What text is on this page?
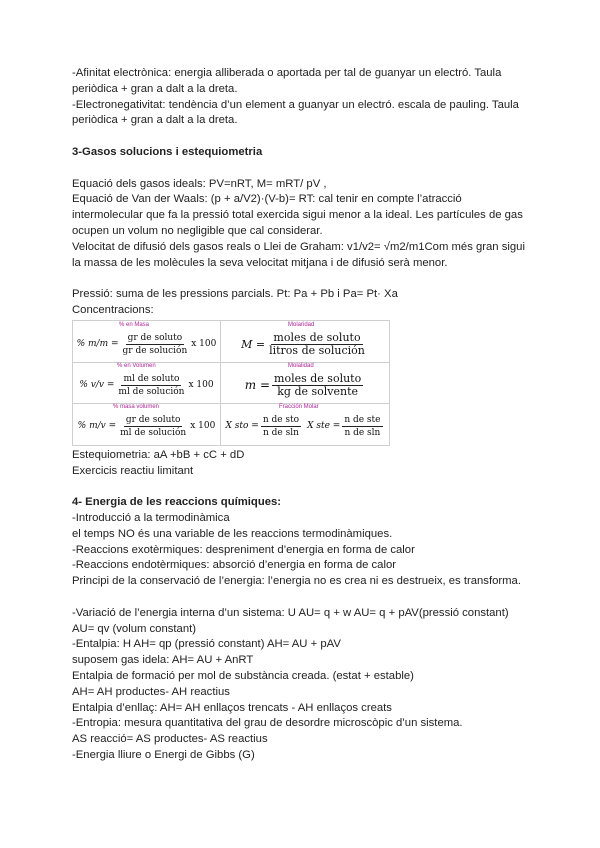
-Afinitat electrònica: energia alliberada o aportada per tal de guanyar un electró. Taula periòdica + gran a dalt a la dreta.

-Electronegativitat: tendència d’un element a guanyar un electró. escala de pauling. Taula periòdica + gran a dalt a la dreta.

3-Gasos solucions i estequiometria

Equació dels gasos ideals: PV=nRT, M= mRT/ pV ,

Equació de Van der Waals: (p + a/V2)·(V-b)= RT: cal tenir en compte l’atracció intermolecular que fa la pressió total exercida sigui menor a la ideal. Les partícules de gas ocupen un volum no negligible que cal considerar.

Velocitat de difusió dels gasos reals o Llei de Graham: v1/v2= √m2/m1Com més gran sigui la massa de les molècules la seva velocitat mitjana i de difusió serà menor.

Pressió: suma de les pressions parcials. Pt: Pa + Pb i Pa= Pt· Xa

Concentracions:

% en Masa
% en Volumen
% masa volumen
Molaridad
Molalidad
Fracción Molar
% $m/m = \frac{\text{gr de soluto}}{\text{gr de solución}}$ x 100 $M = \frac{\text{moles de soluto}}{\text{litros de solución}}$
% $v/v = \frac{\text{ml de soluto}}{\text{ml de solución}}$ x 100	$m = \frac{\text{moles de soluto}}{\text{kg de solvente}}$
% $m/v = \frac{\text{gr de soluto}}{\text{ml de solución}}$ x 100 X sto = $\frac{\text{n de sto}}{\text{n de sln}}$ X ste = $\frac{\text{n de ste}}{\text{n de sln}}$

Estequiometria: aA +bB + cC + dD

Exercicis reactiu limitant

4- Energia de les reaccions químiques:

-Introducció a la termodinàmica

el temps NO és una variable de les reaccions termodinàmiques.

-Reaccions exotèrmiques: despreniment d’energia en forma de calor

-Reaccions endotèrmiques: absorció d’energia en forma de calor

Principi de la conservació de l’energia: l’energia no es crea ni es destrueix, es transforma.

-Variació de l’energia interna d’un sistema: U AU= q + w AU= q + pAV(pressió constant)

AU= qv (volum constant)

-Entalpia: H AH= qp (pressió constant) AH= AU + pAV

suposem gas idela: AH= AU + AnRT

Entalpia de formació per mol de substància creada. (estat + estable)

AH= AH productes- AH reactius

Entalpia d’enllaç: AH= AH enllaços trencats - AH enllaços creats

-Entropia: mesura quantitativa del grau de desordre microscòpic d’un sistema.

AS reacció= AS productes- AS reactius

-Energia lliure o Energi de Gibbs (G)
